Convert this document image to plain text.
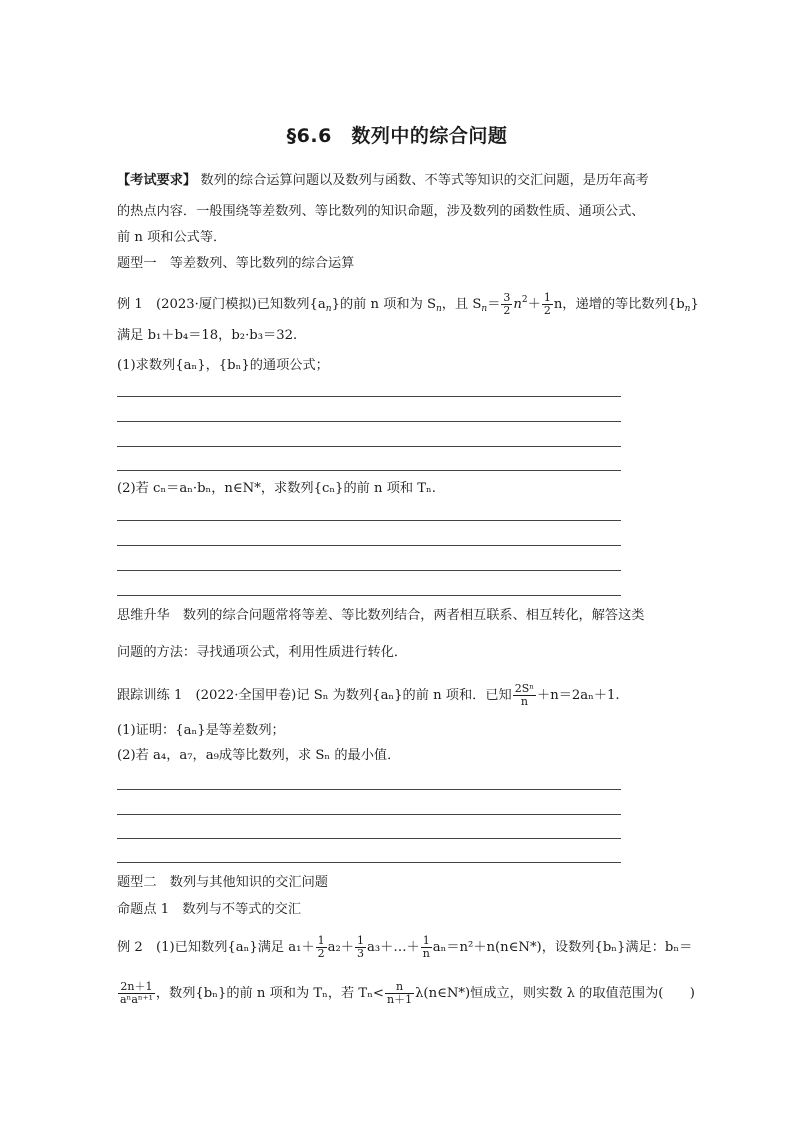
§6.6　数列中的综合问题
【考试要求】 数列的综合运算问题以及数列与函数、不等式等知识的交汇问题，是历年高考
的热点内容．一般围绕等差数列、等比数列的知识命题，涉及数列的函数性质、通项公式、
前 n 项和公式等．
题型一　等差数列、等比数列的综合运算
例 1　(2023·厦门模拟)已知数列$\{a_n\}$的前 n 项和为 $S_n$，且 $S_n= \frac{3}{2} n^2+ \frac{1}{2}$ n，递增的等比数列$\{b_n\}$
满足 b₁＋b₄＝18，b₂·b₃＝32.
(1)求数列{aₙ}，{bₙ}的通项公式；
(2)若 cₙ＝aₙ·bₙ，n∈N*，求数列{cₙ}的前 n 项和 Tₙ.
思维升华　数列的综合问题常将等差、等比数列结合，两者相互联系、相互转化，解答这类
问题的方法：寻找通项公式，利用性质进行转化．
跟踪训练 1　(2022·全国甲卷)记 Sₙ 为数列{aₙ}的前 n 项和．已知 $\frac{\text{2Sⁿ}}{n} +n=2a_n+1$.
(1)证明：{aₙ}是等差数列；
(2)若 a₄，a₇，a₉成等比数列，求 Sₙ 的最小值．
题型二　数列与其他知识的交汇问题
命题点 1　数列与不等式的交汇
例 2　(1)已知数列{aₙ}满足 $a_1+ \frac{1}{2} a_2+ \frac{1}{3}$ a₃＋…＋ $\frac{1}{n}$ aₙ＝n²＋n(n∈N*)，设数列{bₙ}满足：bₙ＝
$\frac{2n+1}{\text{aⁿaⁿ⁺¹}}$ ，数列{bₙ}的前 n 项和为 Tₙ，若 $T_n< \frac{n}{n+1}$ λ(n∈N*)恒成立，则实数 λ 的取值范围为(　　)
